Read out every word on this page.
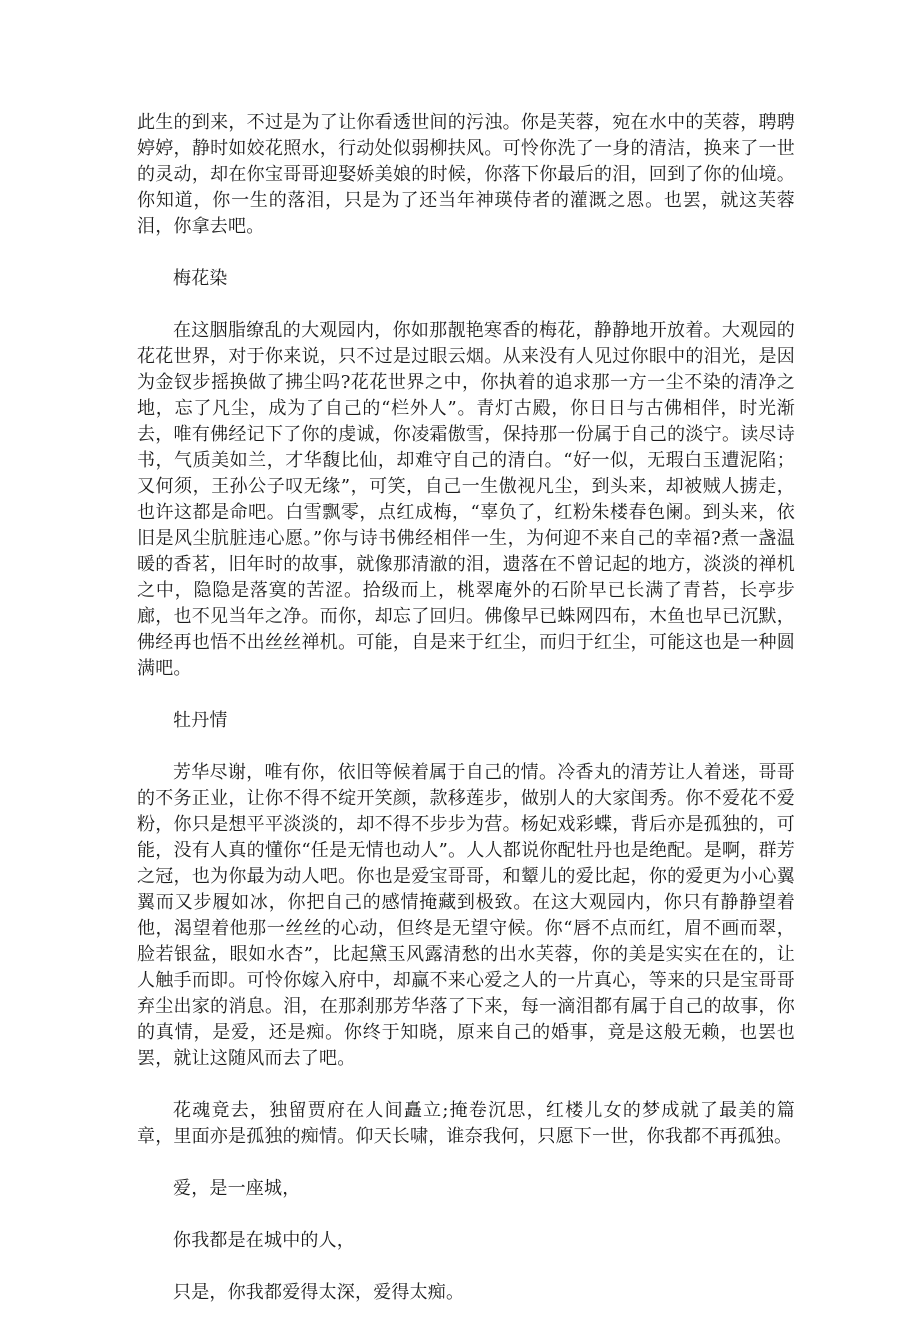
此生的到来，不过是为了让你看透世间的污浊。你是芙蓉，宛在水中的芙蓉，聘聘婷婷，静时如姣花照水，行动处似弱柳扶风。可怜你洗了一身的清洁，换来了一世的灵动，却在你宝哥哥迎娶娇美娘的时候，你落下你最后的泪，回到了你的仙境。你知道，你一生的落泪，只是为了还当年神瑛侍者的灌溉之恩。也罢，就这芙蓉泪，你拿去吧。

梅花染

在这胭脂缭乱的大观园内，你如那靓艳寒香的梅花，静静地开放着。大观园的花花世界，对于你来说，只不过是过眼云烟。从来没有人见过你眼中的泪光，是因为金钗步摇换做了拂尘吗?花花世界之中，你执着的追求那一方一尘不染的清净之地，忘了凡尘，成为了自己的“栏外人”。青灯古殿，你日日与古佛相伴，时光渐去，唯有佛经记下了你的虔诚，你凌霜傲雪，保持那一份属于自己的淡宁。读尽诗书，气质美如兰，才华馥比仙，却难守自己的清白。“好一似，无瑕白玉遭泥陷；又何须，王孙公子叹无缘”，可笑，自己一生傲视凡尘，到头来，却被贼人掳走，也许这都是命吧。白雪飘零，点红成梅，“辜负了，红粉朱楼春色阑。到头来，依旧是风尘肮脏违心愿。”你与诗书佛经相伴一生，为何迎不来自己的幸福?煮一盏温暖的香茗，旧年时的故事，就像那清澈的泪，遗落在不曾记起的地方，淡淡的禅机之中，隐隐是落寞的苦涩。拾级而上，桃翠庵外的石阶早已长满了青苔，长亭步廊，也不见当年之净。而你，却忘了回归。佛像早已蛛网四布，木鱼也早已沉默，佛经再也悟不出丝丝禅机。可能，自是来于红尘，而归于红尘，可能这也是一种圆满吧。

牡丹情

芳华尽谢，唯有你，依旧等候着属于自己的情。冷香丸的清芳让人着迷，哥哥的不务正业，让你不得不绽开笑颜，款移莲步，做别人的大家闺秀。你不爱花不爱粉，你只是想平平淡淡的，却不得不步步为营。杨妃戏彩蝶，背后亦是孤独的，可能，没有人真的懂你“任是无情也动人”。人人都说你配牡丹也是绝配。是啊，群芳之冠，也为你最为动人吧。你也是爱宝哥哥，和颦儿的爱比起，你的爱更为小心翼翼而又步履如冰，你把自己的感情掩藏到极致。在这大观园内，你只有静静望着他，渴望着他那一丝丝的心动，但终是无望守候。你“唇不点而红，眉不画而翠，脸若银盆，眼如水杏”，比起黛玉风露清愁的出水芙蓉，你的美是实实在在的，让人触手而即。可怜你嫁入府中，却赢不来心爱之人的一片真心，等来的只是宝哥哥弃尘出家的消息。泪，在那刹那芳华落了下来，每一滴泪都有属于自己的故事，你的真情，是爱，还是痴。你终于知晓，原来自己的婚事，竟是这般无赖，也罢也罢，就让这随风而去了吧。

花魂竟去，独留贾府在人间矗立;掩卷沉思，红楼儿女的梦成就了最美的篇章，里面亦是孤独的痴情。仰天长啸，谁奈我何，只愿下一世，你我都不再孤独。

爱，是一座城，
你我都是在城中的人，
只是，你我都爱得太深，爱得太痴。
